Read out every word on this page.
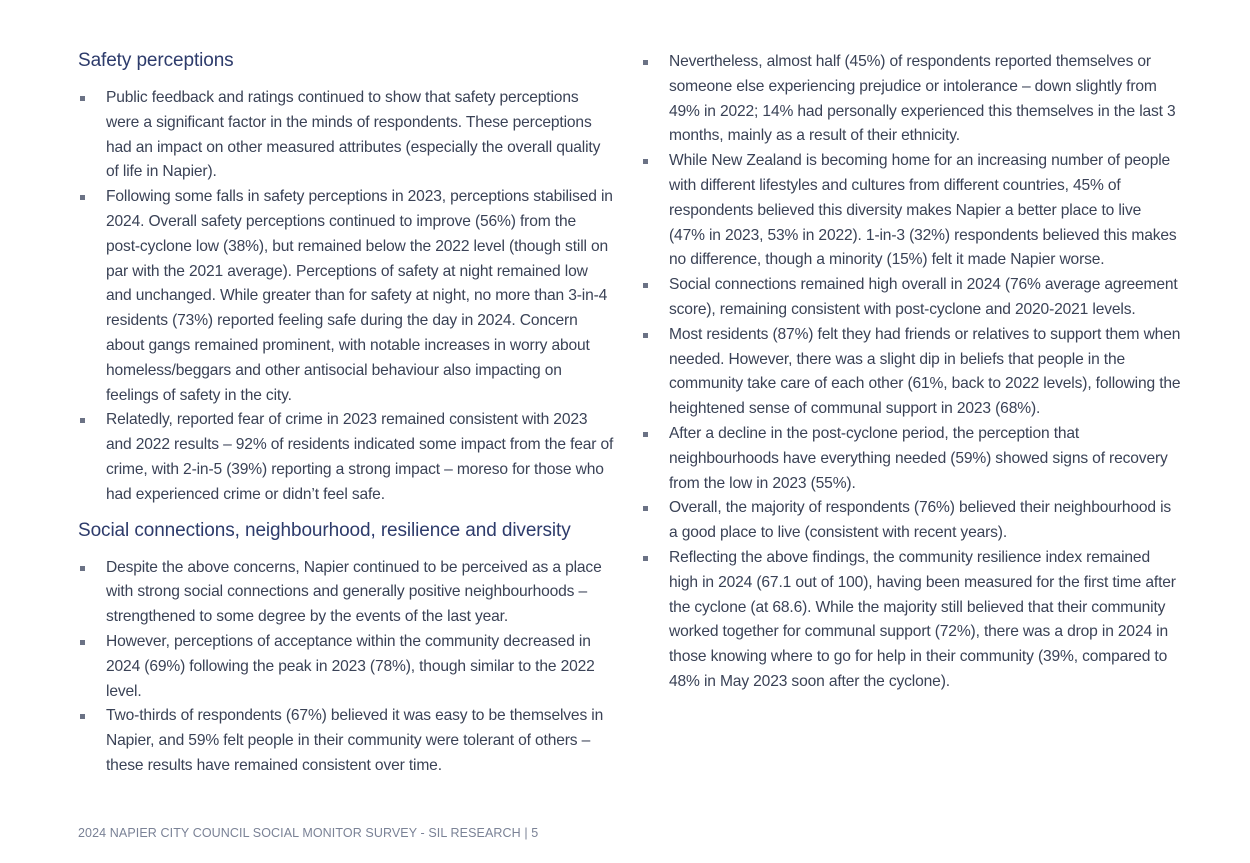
Safety perceptions
Public feedback and ratings continued to show that safety perceptions were a significant factor in the minds of respondents. These perceptions had an impact on other measured attributes (especially the overall quality of life in Napier).
Following some falls in safety perceptions in 2023, perceptions stabilised in 2024. Overall safety perceptions continued to improve (56%) from the post-cyclone low (38%), but remained below the 2022 level (though still on par with the 2021 average). Perceptions of safety at night remained low and unchanged. While greater than for safety at night, no more than 3-in-4 residents (73%) reported feeling safe during the day in 2024. Concern about gangs remained prominent, with notable increases in worry about homeless/beggars and other antisocial behaviour also impacting on feelings of safety in the city.
Relatedly, reported fear of crime in 2023 remained consistent with 2023 and 2022 results – 92% of residents indicated some impact from the fear of crime, with 2-in-5 (39%) reporting a strong impact – moreso for those who had experienced crime or didn’t feel safe.
Social connections, neighbourhood, resilience and diversity
Despite the above concerns, Napier continued to be perceived as a place with strong social connections and generally positive neighbourhoods – strengthened to some degree by the events of the last year.
However, perceptions of acceptance within the community decreased in 2024 (69%) following the peak in 2023 (78%), though similar to the 2022 level.
Two-thirds of respondents (67%) believed it was easy to be themselves in Napier, and 59% felt people in their community were tolerant of others – these results have remained consistent over time.
Nevertheless, almost half (45%) of respondents reported themselves or someone else experiencing prejudice or intolerance – down slightly from 49% in 2022; 14% had personally experienced this themselves in the last 3 months, mainly as a result of their ethnicity.
While New Zealand is becoming home for an increasing number of people with different lifestyles and cultures from different countries, 45% of respondents believed this diversity makes Napier a better place to live (47% in 2023, 53% in 2022). 1-in-3 (32%) respondents believed this makes no difference, though a minority (15%) felt it made Napier worse.
Social connections remained high overall in 2024 (76% average agreement score), remaining consistent with post-cyclone and 2020-2021 levels.
Most residents (87%) felt they had friends or relatives to support them when needed. However, there was a slight dip in beliefs that people in the community take care of each other (61%, back to 2022 levels), following the heightened sense of communal support in 2023 (68%).
After a decline in the post-cyclone period, the perception that neighbourhoods have everything needed (59%) showed signs of recovery from the low in 2023 (55%).
Overall, the majority of respondents (76%) believed their neighbourhood is a good place to live (consistent with recent years).
Reflecting the above findings, the community resilience index remained high in 2024 (67.1 out of 100), having been measured for the first time after the cyclone (at 68.6). While the majority still believed that their community worked together for communal support (72%), there was a drop in 2024 in those knowing where to go for help in their community (39%, compared to 48% in May 2023 soon after the cyclone).
2024 NAPIER CITY COUNCIL SOCIAL MONITOR SURVEY - SIL RESEARCH | 5
